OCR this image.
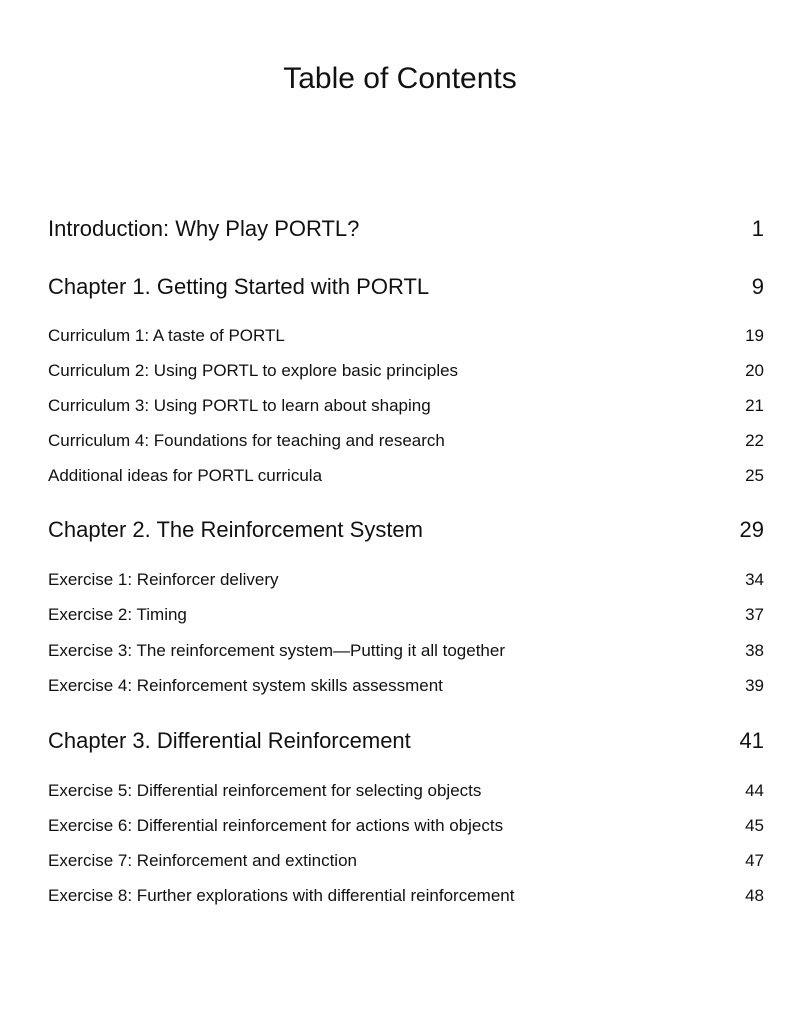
Table of Contents
Introduction: Why Play PORTL?	1
Chapter 1. Getting Started with PORTL	9
Curriculum 1: A taste of PORTL	19
Curriculum 2: Using PORTL to explore basic principles	20
Curriculum 3: Using PORTL to learn about shaping	21
Curriculum 4: Foundations for teaching and research	22
Additional ideas for PORTL curricula	25
Chapter 2. The Reinforcement System	29
Exercise 1: Reinforcer delivery	34
Exercise 2: Timing	37
Exercise 3: The reinforcement system—Putting it all together	38
Exercise 4: Reinforcement system skills assessment	39
Chapter 3. Differential Reinforcement	41
Exercise 5: Differential reinforcement for selecting objects	44
Exercise 6: Differential reinforcement for actions with objects	45
Exercise 7: Reinforcement and extinction	47
Exercise 8: Further explorations with differential reinforcement	48
